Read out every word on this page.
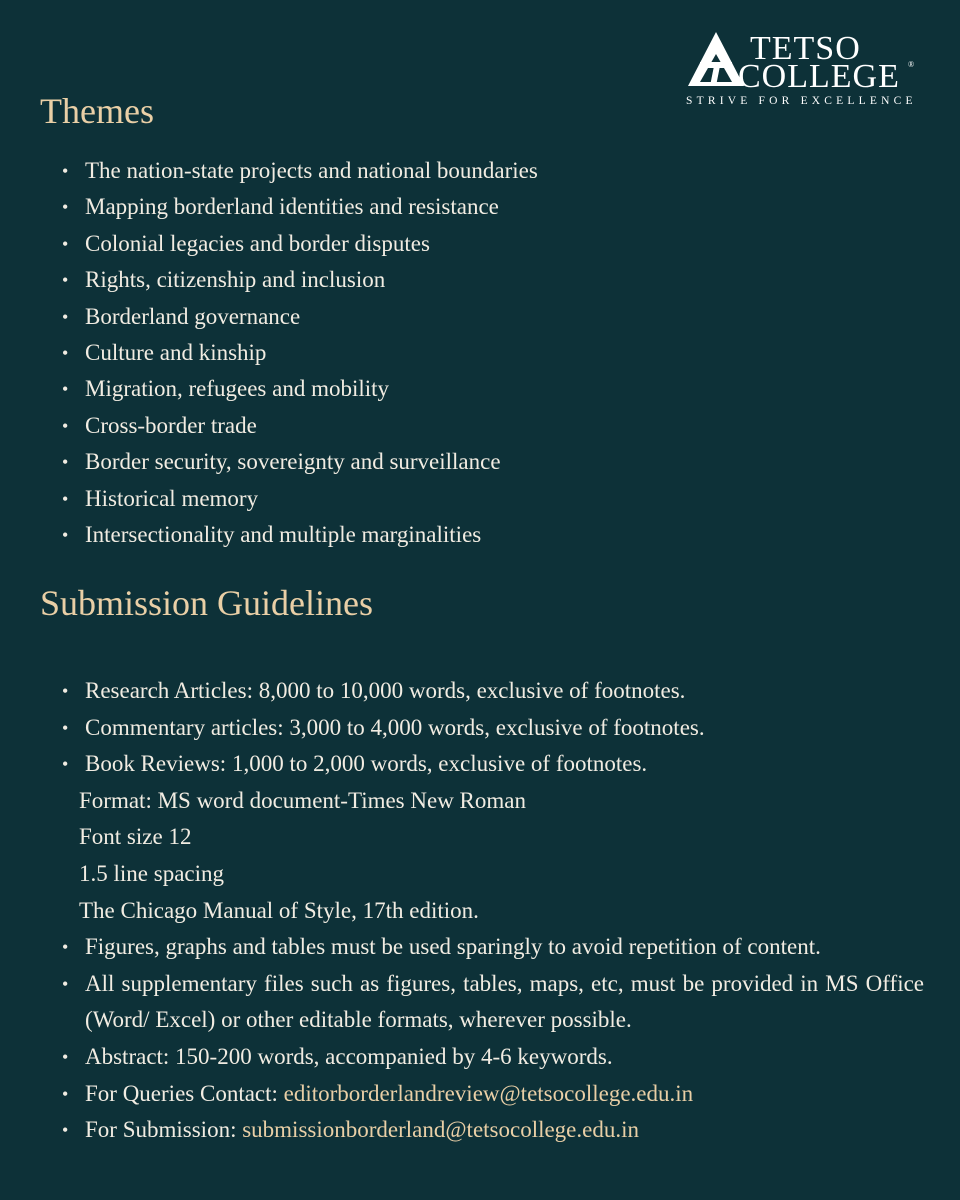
TETSO
COLLEGE ®
STRIVE FOR EXCELLENCE
Themes
• The nation-state projects and national boundaries
• Mapping borderland identities and resistance
• Colonial legacies and border disputes
• Rights, citizenship and inclusion
• Borderland governance
• Culture and kinship
• Migration, refugees and mobility
• Cross-border trade
• Border security, sovereignty and surveillance
• Historical memory
• Intersectionality and multiple marginalities
Submission Guidelines
• Research Articles: 8,000 to 10,000 words, exclusive of footnotes.
• Commentary articles: 3,000 to 4,000 words, exclusive of footnotes.
• Book Reviews: 1,000 to 2,000 words, exclusive of footnotes.
Format: MS word document-Times New Roman
Font size 12
1.5 line spacing
The Chicago Manual of Style, 17th edition.
• Figures, graphs and tables must be used sparingly to avoid repetition of content.
• All supplementary files such as figures, tables, maps, etc, must be provided in MS Office (Word/ Excel) or other editable formats, wherever possible.
• Abstract: 150-200 words, accompanied by 4-6 keywords.
• For Queries Contact: editorborderlandreview@tetsocollege.edu.in
• For Submission: submissionborderland@tetsocollege.edu.in
